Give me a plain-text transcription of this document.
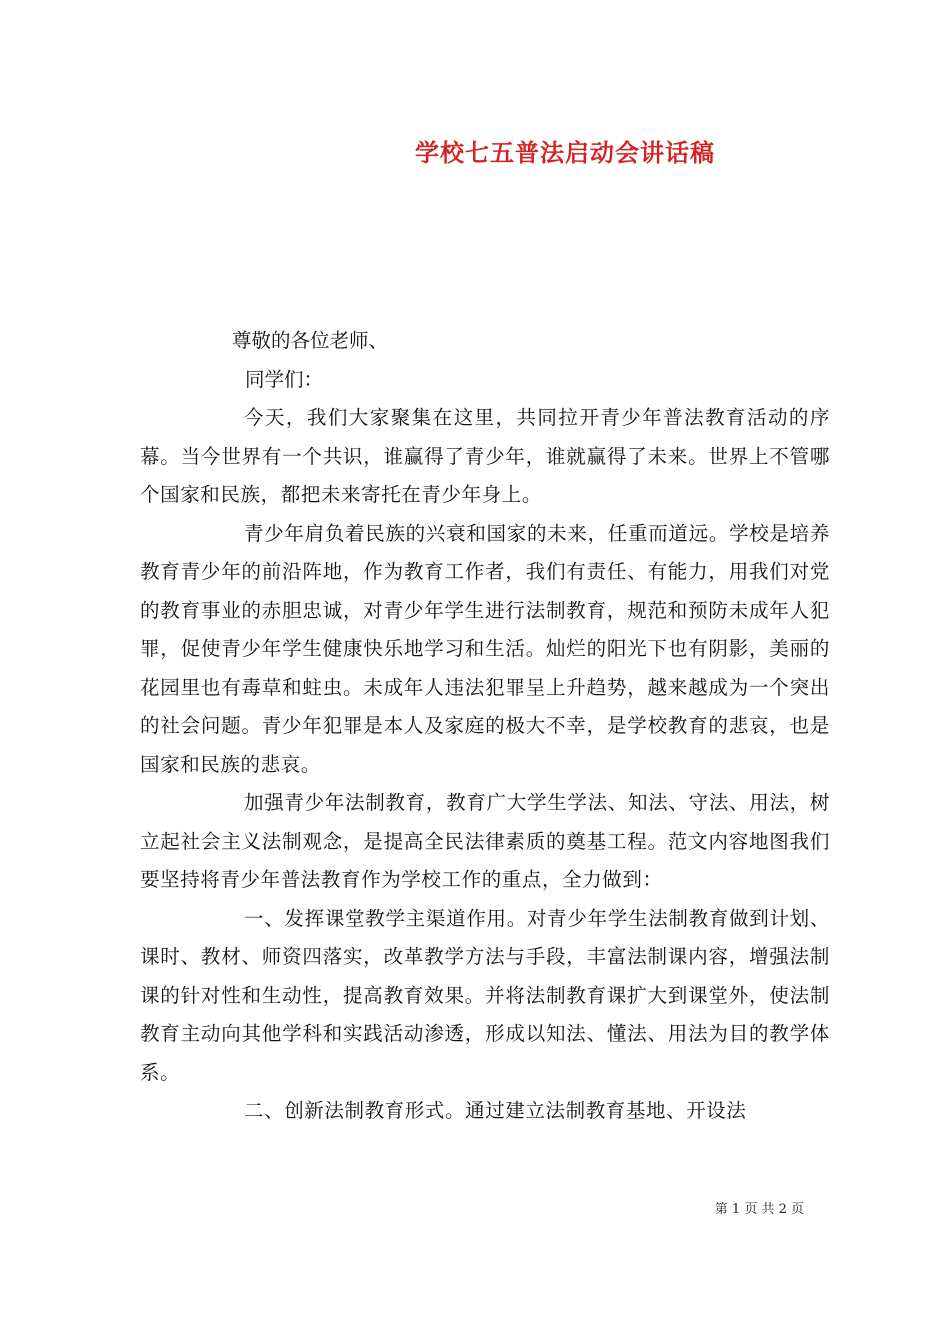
学校七五普法启动会讲话稿

尊敬的各位老师、

同学们：

今天，我们大家聚集在这里，共同拉开青少年普法教育活动的序幕。当今世界有一个共识，谁赢得了青少年，谁就赢得了未来。世界上不管哪个国家和民族，都把未来寄托在青少年身上。

青少年肩负着民族的兴衰和国家的未来，任重而道远。学校是培养教育青少年的前沿阵地，作为教育工作者，我们有责任、有能力，用我们对党的教育事业的赤胆忠诚，对青少年学生进行法制教育，规范和预防未成年人犯罪，促使青少年学生健康快乐地学习和生活。灿烂的阳光下也有阴影，美丽的花园里也有毒草和蛀虫。未成年人违法犯罪呈上升趋势，越来越成为一个突出的社会问题。青少年犯罪是本人及家庭的极大不幸，是学校教育的悲哀，也是国家和民族的悲哀。

加强青少年法制教育，教育广大学生学法、知法、守法、用法，树立起社会主义法制观念，是提高全民法律素质的奠基工程。范文内容地图我们要坚持将青少年普法教育作为学校工作的重点，全力做到：

一、发挥课堂教学主渠道作用。对青少年学生法制教育做到计划、课时、教材、师资四落实，改革教学方法与手段，丰富法制课内容，增强法制课的针对性和生动性，提高教育效果。并将法制教育课扩大到课堂外，使法制教育主动向其他学科和实践活动渗透，形成以知法、懂法、用法为目的教学体系。

二、创新法制教育形式。通过建立法制教育基地、开设法

第 1 页 共 2 页
